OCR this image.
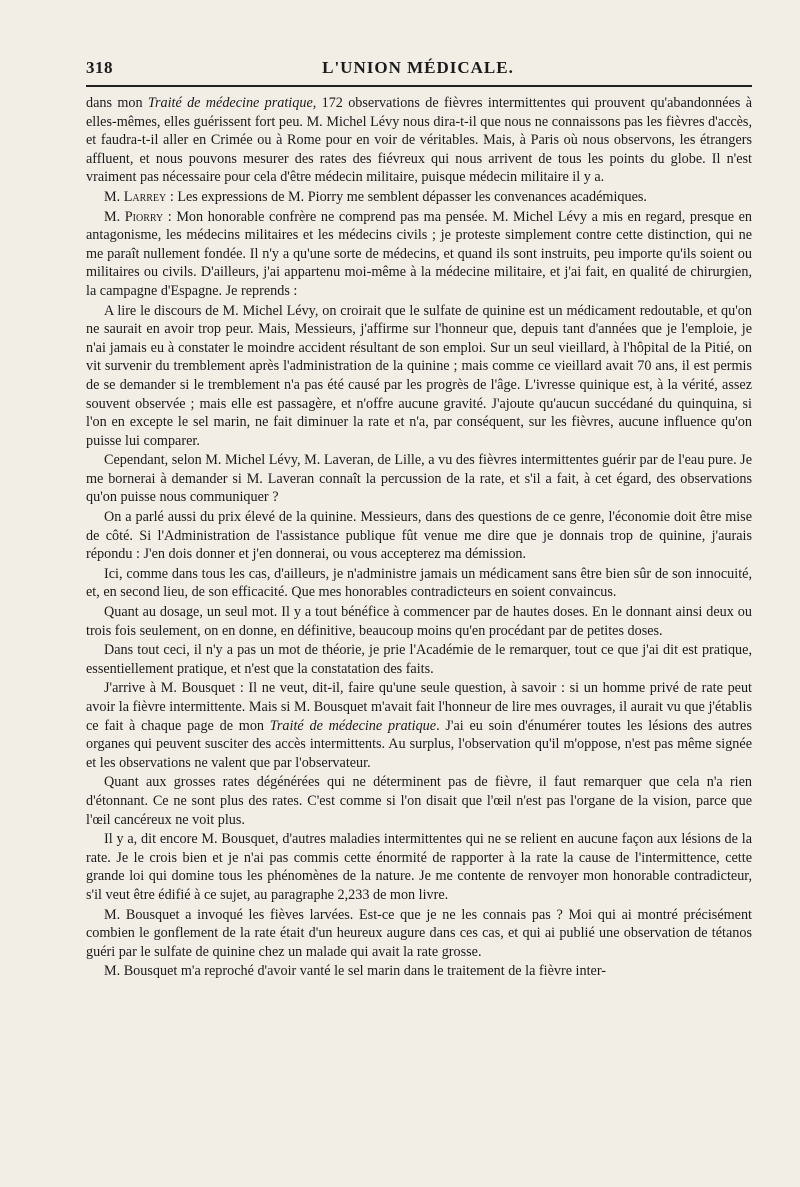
318	L'UNION MÉDICALE.

dans mon Traité de médecine pratique, 172 observations de fièvres intermittentes qui prouvent qu'abandonnées à elles-mêmes, elles guérissent fort peu. M. Michel Lévy nous dira-t-il que nous ne connaissons pas les fièvres d'accès, et faudra-t-il aller en Crimée ou à Rome pour en voir de véritables. Mais, à Paris où nous observons, les étrangers affluent, et nous pouvons mesurer des rates des fiévreux qui nous arrivent de tous les points du globe. Il n'est vraiment pas nécessaire pour cela d'être médecin militaire, puisque médecin militaire il y a.

M. Larrey : Les expressions de M. Piorry me semblent dépasser les convenances académiques.

M. Piorry : Mon honorable confrère ne comprend pas ma pensée. M. Michel Lévy a mis en regard, presque en antagonisme, les médecins militaires et les médecins civils ; je proteste simplement contre cette distinction, qui ne me paraît nullement fondée. Il n'y a qu'une sorte de médecins, et quand ils sont instruits, peu importe qu'ils soient ou militaires ou civils. D'ailleurs, j'ai appartenu moi-même à la médecine militaire, et j'ai fait, en qualité de chirurgien, la campagne d'Espagne. Je reprends :

A lire le discours de M. Michel Lévy, on croirait que le sulfate de quinine est un médicament redoutable, et qu'on ne saurait en avoir trop peur. Mais, Messieurs, j'affirme sur l'honneur que, depuis tant d'années que je l'emploie, je n'ai jamais eu à constater le moindre accident résultant de son emploi. Sur un seul vieillard, à l'hôpital de la Pitié, on vit survenir du tremblement après l'administration de la quinine ; mais comme ce vieillard avait 70 ans, il est permis de se demander si le tremblement n'a pas été causé par les progrès de l'âge. L'ivresse quinique est, à la vérité, assez souvent observée ; mais elle est passagère, et n'offre aucune gravité. J'ajoute qu'aucun succédané du quinquina, si l'on en excepte le sel marin, ne fait diminuer la rate et n'a, par conséquent, sur les fièvres, aucune influence qu'on puisse lui comparer.

Cependant, selon M. Michel Lévy, M. Laveran, de Lille, a vu des fièvres intermittentes guérir par de l'eau pure. Je me bornerai à demander si M. Laveran connaît la percussion de la rate, et s'il a fait, à cet égard, des observations qu'on puisse nous communiquer ?

On a parlé aussi du prix élevé de la quinine. Messieurs, dans des questions de ce genre, l'économie doit être mise de côté. Si l'Administration de l'assistance publique fût venue me dire que je donnais trop de quinine, j'aurais répondu : J'en dois donner et j'en donnerai, ou vous accepterez ma démission.

Ici, comme dans tous les cas, d'ailleurs, je n'administre jamais un médicament sans être bien sûr de son innocuité, et, en second lieu, de son efficacité. Que mes honorables contradicteurs en soient convaincus.

Quant au dosage, un seul mot. Il y a tout bénéfice à commencer par de hautes doses. En le donnant ainsi deux ou trois fois seulement, on en donne, en définitive, beaucoup moins qu'en procédant par de petites doses.

Dans tout ceci, il n'y a pas un mot de théorie, je prie l'Académie de le remarquer, tout ce que j'ai dit est pratique, essentiellement pratique, et n'est que la constatation des faits.

J'arrive à M. Bousquet : Il ne veut, dit-il, faire qu'une seule question, à savoir : si un homme privé de rate peut avoir la fièvre intermittente. Mais si M. Bousquet m'avait fait l'honneur de lire mes ouvrages, il aurait vu que j'établis ce fait à chaque page de mon Traité de médecine pratique. J'ai eu soin d'énumérer toutes les lésions des autres organes qui peuvent susciter des accès intermittents. Au surplus, l'observation qu'il m'oppose, n'est pas même signée et les observations ne valent que par l'observateur.

Quant aux grosses rates dégénérées qui ne déterminent pas de fièvre, il faut remarquer que cela n'a rien d'étonnant. Ce ne sont plus des rates. C'est comme si l'on disait que l'œil n'est pas l'organe de la vision, parce que l'œil cancéreux ne voit plus.

Il y a, dit encore M. Bousquet, d'autres maladies intermittentes qui ne se relient en aucune façon aux lésions de la rate. Je le crois bien et je n'ai pas commis cette énormité de rapporter à la rate la cause de l'intermittence, cette grande loi qui domine tous les phénomènes de la nature. Je me contente de renvoyer mon honorable contradicteur, s'il veut être édifié à ce sujet, au paragraphe 2,233 de mon livre.

M. Bousquet a invoqué les fièves larvées. Est-ce que je ne les connais pas ? Moi qui ai montré précisément combien le gonflement de la rate était d'un heureux augure dans ces cas, et qui ai publié une observation de tétanos guéri par le sulfate de quinine chez un malade qui avait la rate grosse.

M. Bousquet m'a reproché d'avoir vanté le sel marin dans le traitement de la fièvre inter-
